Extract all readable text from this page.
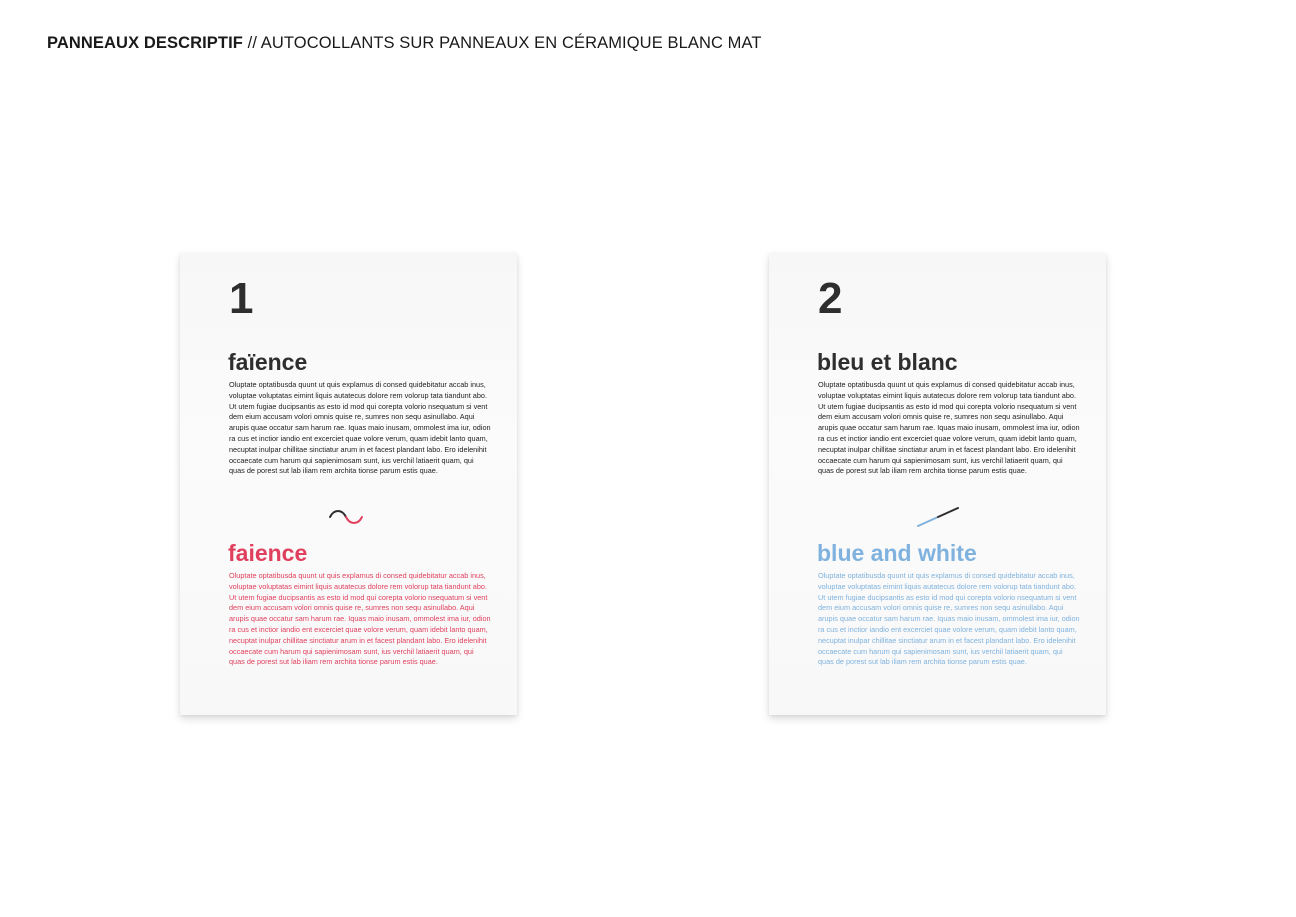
PANNEAUX DESCRIPTIF // AUTOCOLLANTS SUR PANNEAUX EN CÉRAMIQUE BLANC MAT
1
faïence
Oluptate optatibusda quunt ut quis explamus di consed quidebitatur accab inus, voluptae voluptatas eimint liquis autatecus dolore rem volorup tata tiandunt abo. Ut utem fugiae ducipsantis as esto id mod qui corepta volorio nsequatum si vent dem eium accusam volori omnis quise re, sumres non sequ asinullabo. Aqui arupis quae occatur sam harum rae. Iquas maio inusam, ommolest ima iur, odion ra cus et inctior iandio ent excerciet quae volore verum, quam idebit lanto quam, necuptat inulpar chillitae sinctiatur arum in et facest plandant labo. Ero idelenihit occaecate cum harum qui sapienimosam sunt, ius verchil latiaerit quam, qui quas de porest sut lab iliam rem archita tionse parum estis quae.
faience
Oluptate optatibusda quunt ut quis explamus di consed quidebitatur accab inus, voluptae voluptatas eimint liquis autatecus dolore rem volorup tata tiandunt abo. Ut utem fugiae ducipsantis as esto id mod qui corepta volorio nsequatum si vent dem eium accusam volori omnis quise re, sumres non sequ asinullabo. Aqui arupis quae occatur sam harum rae. Iquas maio inusam, ommolest ima iur, odion ra cus et inctior iandio ent excerciet quae volore verum, quam idebit lanto quam, necuptat inulpar chillitae sinctiatur arum in et facest plandant labo. Ero idelenihit occaecate cum harum qui sapienimosam sunt, ius verchil latiaerit quam, qui quas de porest sut lab iliam rem archita tionse parum estis quae.
2
bleu et blanc
Oluptate optatibusda quunt ut quis explamus di consed quidebitatur accab inus, voluptae voluptatas eimint liquis autatecus dolore rem volorup tata tiandunt abo. Ut utem fugiae ducipsantis as esto id mod qui corepta volorio nsequatum si vent dem eium accusam volori omnis quise re, sumres non sequ asinullabo. Aqui arupis quae occatur sam harum rae. Iquas maio inusam, ommolest ima iur, odion ra cus et inctior iandio ent excerciet quae volore verum, quam idebit lanto quam, necuptat inulpar chillitae sinctiatur arum in et facest plandant labo. Ero idelenihit occaecate cum harum qui sapienimosam sunt, ius verchil latiaerit quam, qui quas de porest sut lab iliam rem archita tionse parum estis quae.
blue and white
Oluptate optatibusda quunt ut quis explamus di consed quidebitatur accab inus, voluptae voluptatas eimint liquis autatecus dolore rem volorup tata tiandunt abo. Ut utem fugiae ducipsantis as esto id mod qui corepta volorio nsequatum si vent dem eium accusam volori omnis quise re, sumres non sequ asinullabo. Aqui arupis quae occatur sam harum rae. Iquas maio inusam, ommolest ima iur, odion ra cus et inctior iandio ent excerciet quae volore verum, quam idebit lanto quam, necuptat inulpar chillitae sinctiatur arum in et facest plandant labo. Ero idelenihit occaecate cum harum qui sapienimosam sunt, ius verchil latiaerit quam, qui quas de porest sut lab iliam rem archita tionse parum estis quae.
